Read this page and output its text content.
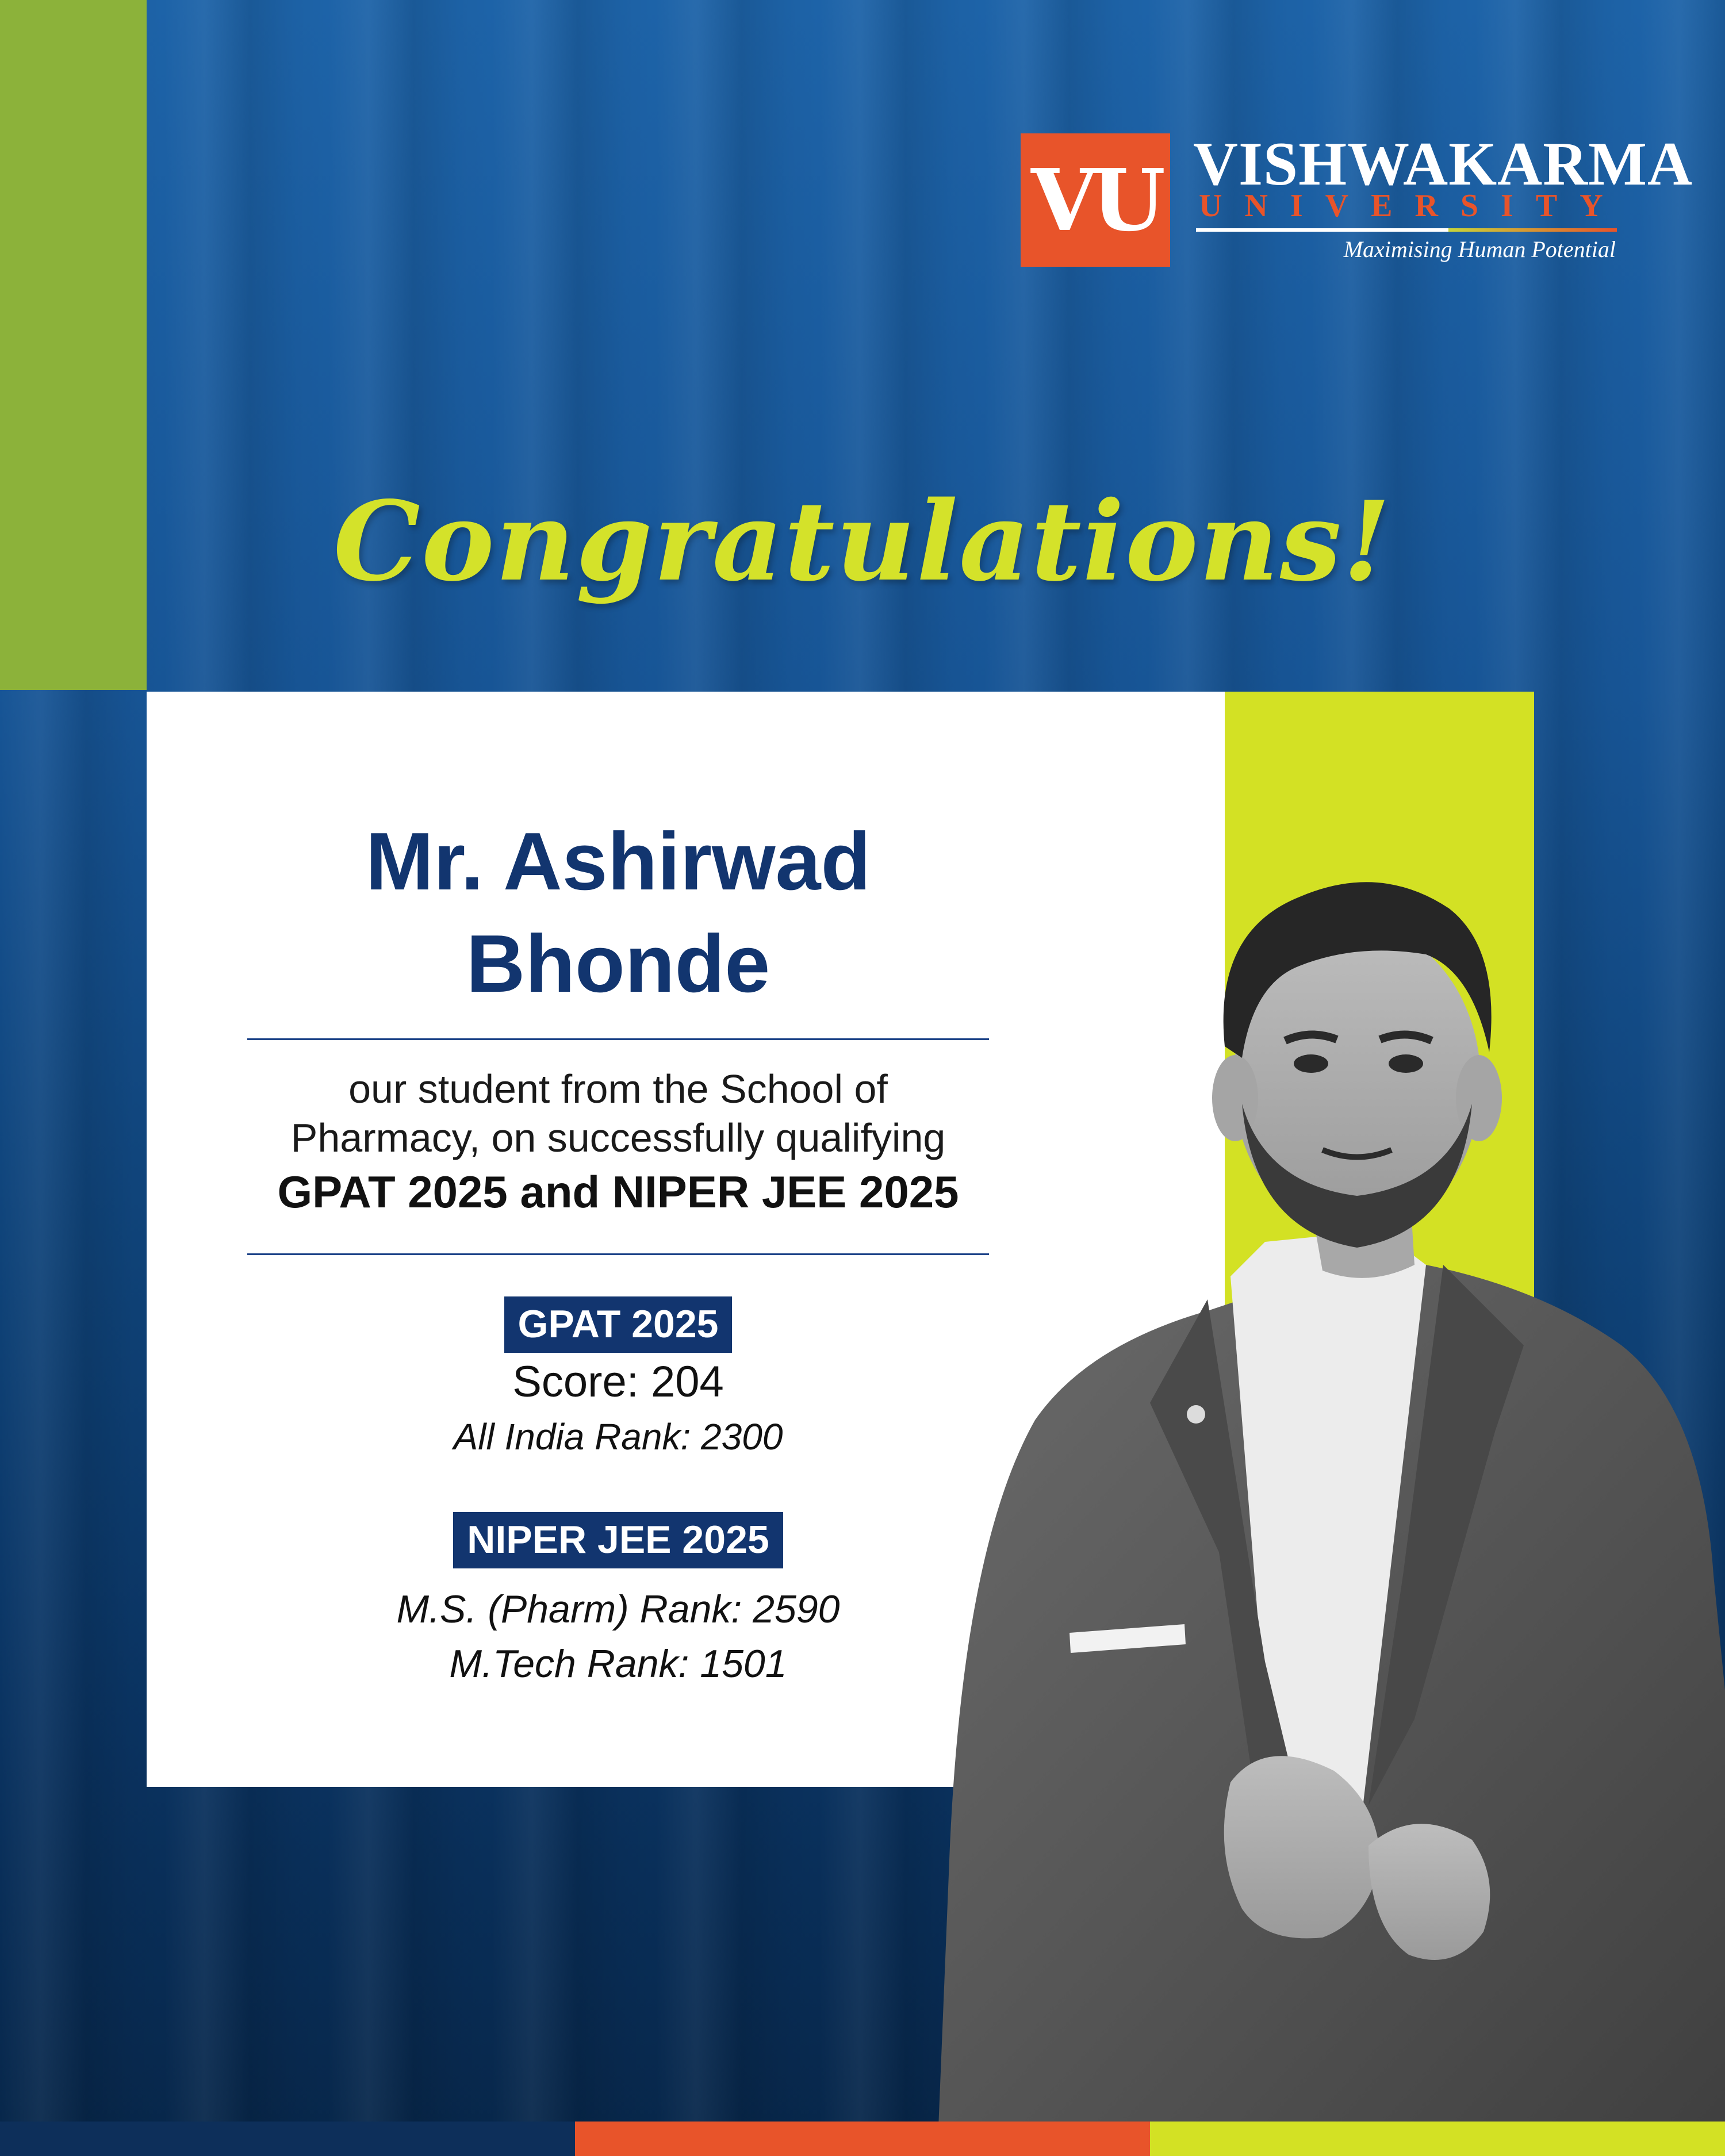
VU VISHWAKARMA
UNIVERSITY
Maximising Human Potential
Congratulations!
Mr. Ashirwad
Bhonde
our student from the School of
Pharmacy, on successfully qualifying
GPAT 2025 and NIPER JEE 2025
GPAT 2025
Score: 204
All India Rank: 2300
NIPER JEE 2025
M.S. (Pharm) Rank: 2590
M.Tech Rank: 1501
